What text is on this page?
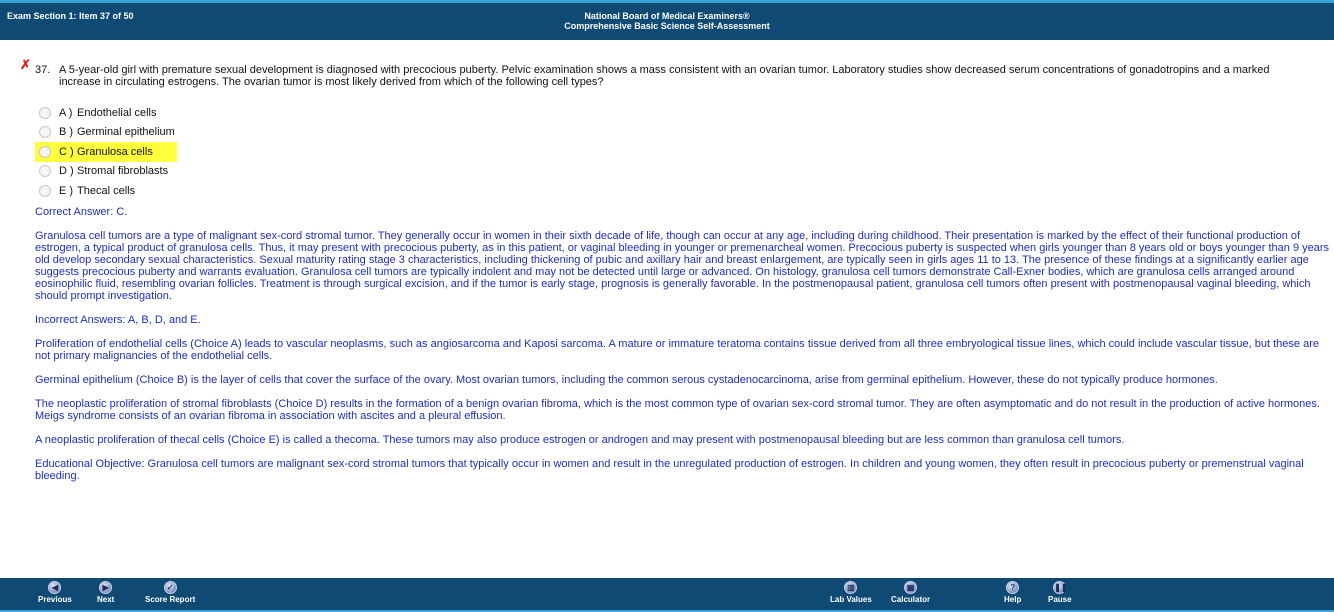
Exam Section 1: Item 37 of 50	National Board of Medical Examiners®
Comprehensive Basic Science Self-Assessment
✗ 37. A 5-year-old girl with premature sexual development is diagnosed with precocious puberty. Pelvic examination shows a mass consistent with an ovarian tumor. Laboratory studies show decreased serum concentrations of gonadotropins and a marked increase in circulating estrogens. The ovarian tumor is most likely derived from which of the following cell types?
A ) Endothelial cells
B ) Germinal epithelium
C ) Granulosa cells
D ) Stromal fibroblasts
E ) Thecal cells

Correct Answer: C.

Granulosa cell tumors are a type of malignant sex-cord stromal tumor. They generally occur in women in their sixth decade of life, though can occur at any age, including during childhood. Their presentation is marked by the effect of their functional production of estrogen, a typical product of granulosa cells. Thus, it may present with precocious puberty, as in this patient, or vaginal bleeding in younger or premenarcheal women. Precocious puberty is suspected when girls younger than 8 years old or boys younger than 9 years old develop secondary sexual characteristics. Sexual maturity rating stage 3 characteristics, including thickening of pubic and axillary hair and breast enlargement, are typically seen in girls ages 11 to 13. The presence of these findings at a significantly earlier age suggests precocious puberty and warrants evaluation. Granulosa cell tumors are typically indolent and may not be detected until large or advanced. On histology, granulosa cell tumors demonstrate Call-Exner bodies, which are granulosa cells arranged around eosinophilic fluid, resembling ovarian follicles. Treatment is through surgical excision, and if the tumor is early stage, prognosis is generally favorable. In the postmenopausal patient, granulosa cell tumors often present with postmenopausal vaginal bleeding, which should prompt investigation.

Incorrect Answers: A, B, D, and E.

Proliferation of endothelial cells (Choice A) leads to vascular neoplasms, such as angiosarcoma and Kaposi sarcoma. A mature or immature teratoma contains tissue derived from all three embryological tissue lines, which could include vascular tissue, but these are not primary malignancies of the endothelial cells.

Germinal epithelium (Choice B) is the layer of cells that cover the surface of the ovary. Most ovarian tumors, including the common serous cystadenocarcinoma, arise from germinal epithelium. However, these do not typically produce hormones.

The neoplastic proliferation of stromal fibroblasts (Choice D) results in the formation of a benign ovarian fibroma, which is the most common type of ovarian sex-cord stromal tumor. They are often asymptomatic and do not result in the production of active hormones. Meigs syndrome consists of an ovarian fibroma in association with ascites and a pleural effusion.

A neoplastic proliferation of thecal cells (Choice E) is called a thecoma. These tumors may also produce estrogen or androgen and may present with postmenopausal bleeding but are less common than granulosa cell tumors.

Educational Objective: Granulosa cell tumors are malignant sex-cord stromal tumors that typically occur in women and result in the unregulated production of estrogen. In children and young women, they often result in precocious puberty or premenstrual vaginal bleeding.

◀
Previous
▶
Next
✓
Score Report
▥
Lab Values
▦
Calculator
?
Help
❚❚
Pause
